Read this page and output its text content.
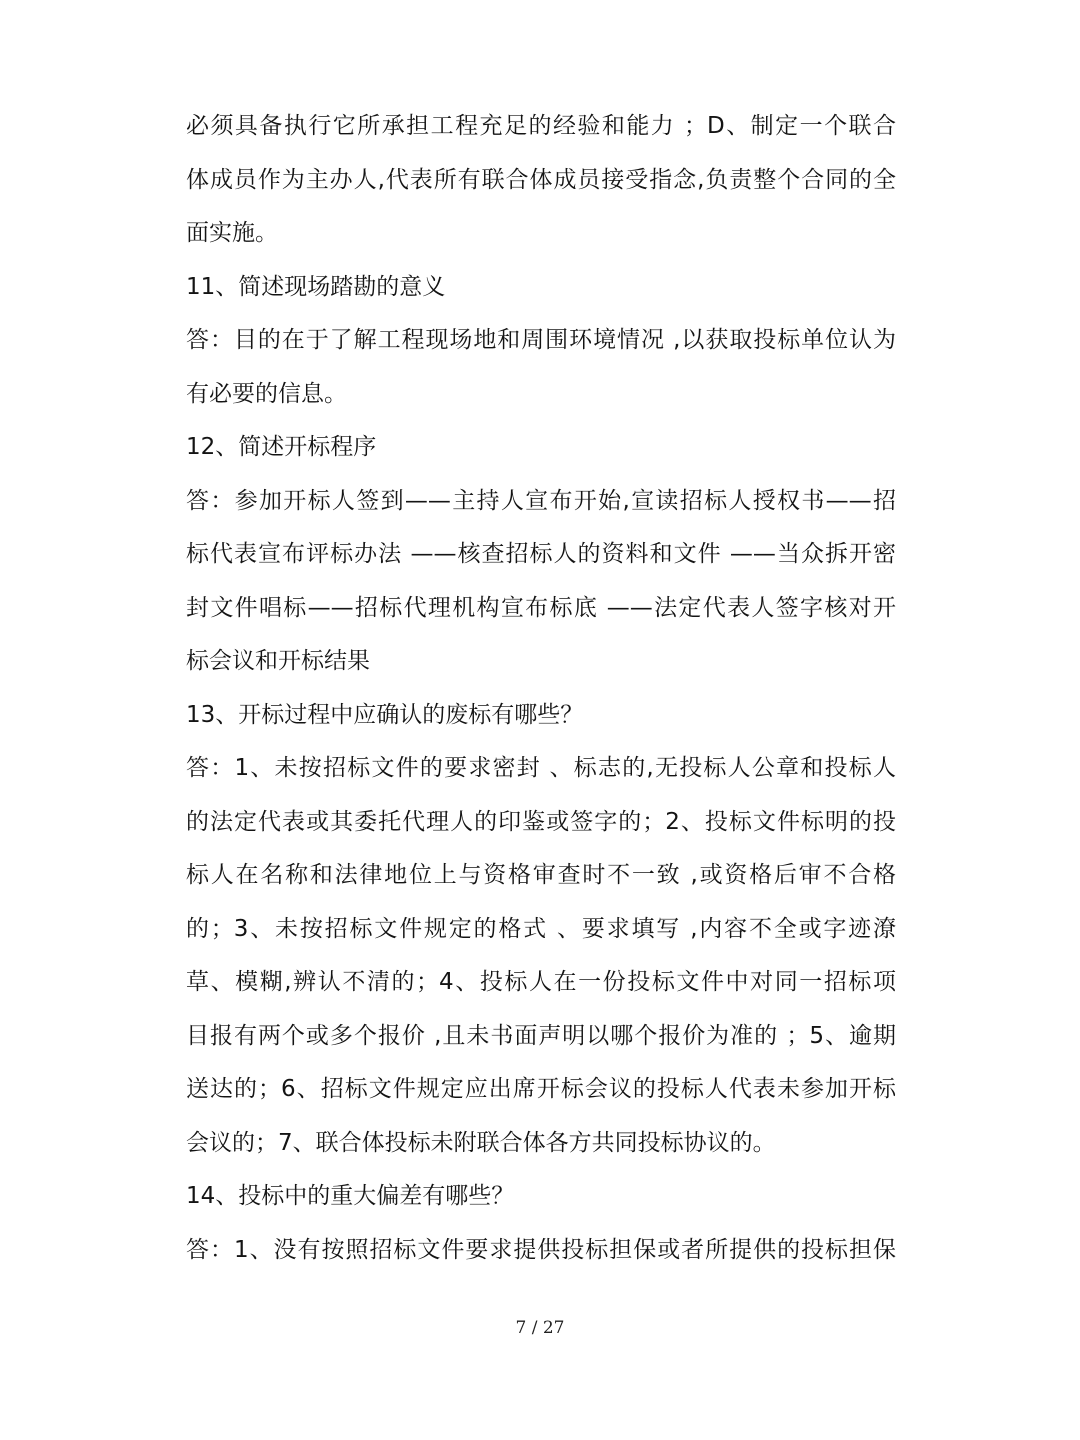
必须具备执行它所承担工程充足的经验和能力 ；D、制定一个联合
体成员作为主办人,代表所有联合体成员接受指念,负责整个合同的全
面实施。
11、简述现场踏勘的意义
答：目的在于了解工程现场地和周围环境情况 ,以获取投标单位认为
有必要的信息。
12、简述开标程序
答：参加开标人签到——主持人宣布开始,宣读招标人授权书——招
标代表宣布评标办法 ——核查招标人的资料和文件 ——当众拆开密
封文件唱标——招标代理机构宣布标底 ——法定代表人签字核对开
标会议和开标结果
13、开标过程中应确认的废标有哪些？
答：1、未按招标文件的要求密封 、标志的,无投标人公章和投标人
的法定代表或其委托代理人的印鉴或签字的；2、投标文件标明的投
标人在名称和法律地位上与资格审查时不一致 ,或资格后审不合格
的；3、未按招标文件规定的格式 、要求填写 ,内容不全或字迹潦
草、模糊,辨认不清的；4、投标人在一份投标文件中对同一招标项
目报有两个或多个报价 ,且未书面声明以哪个报价为准的 ；5、逾期
送达的；6、招标文件规定应出席开标会议的投标人代表未参加开标
会议的；7、联合体投标未附联合体各方共同投标协议的。
14、投标中的重大偏差有哪些？
答：1、没有按照招标文件要求提供投标担保或者所提供的投标担保
7 / 27
